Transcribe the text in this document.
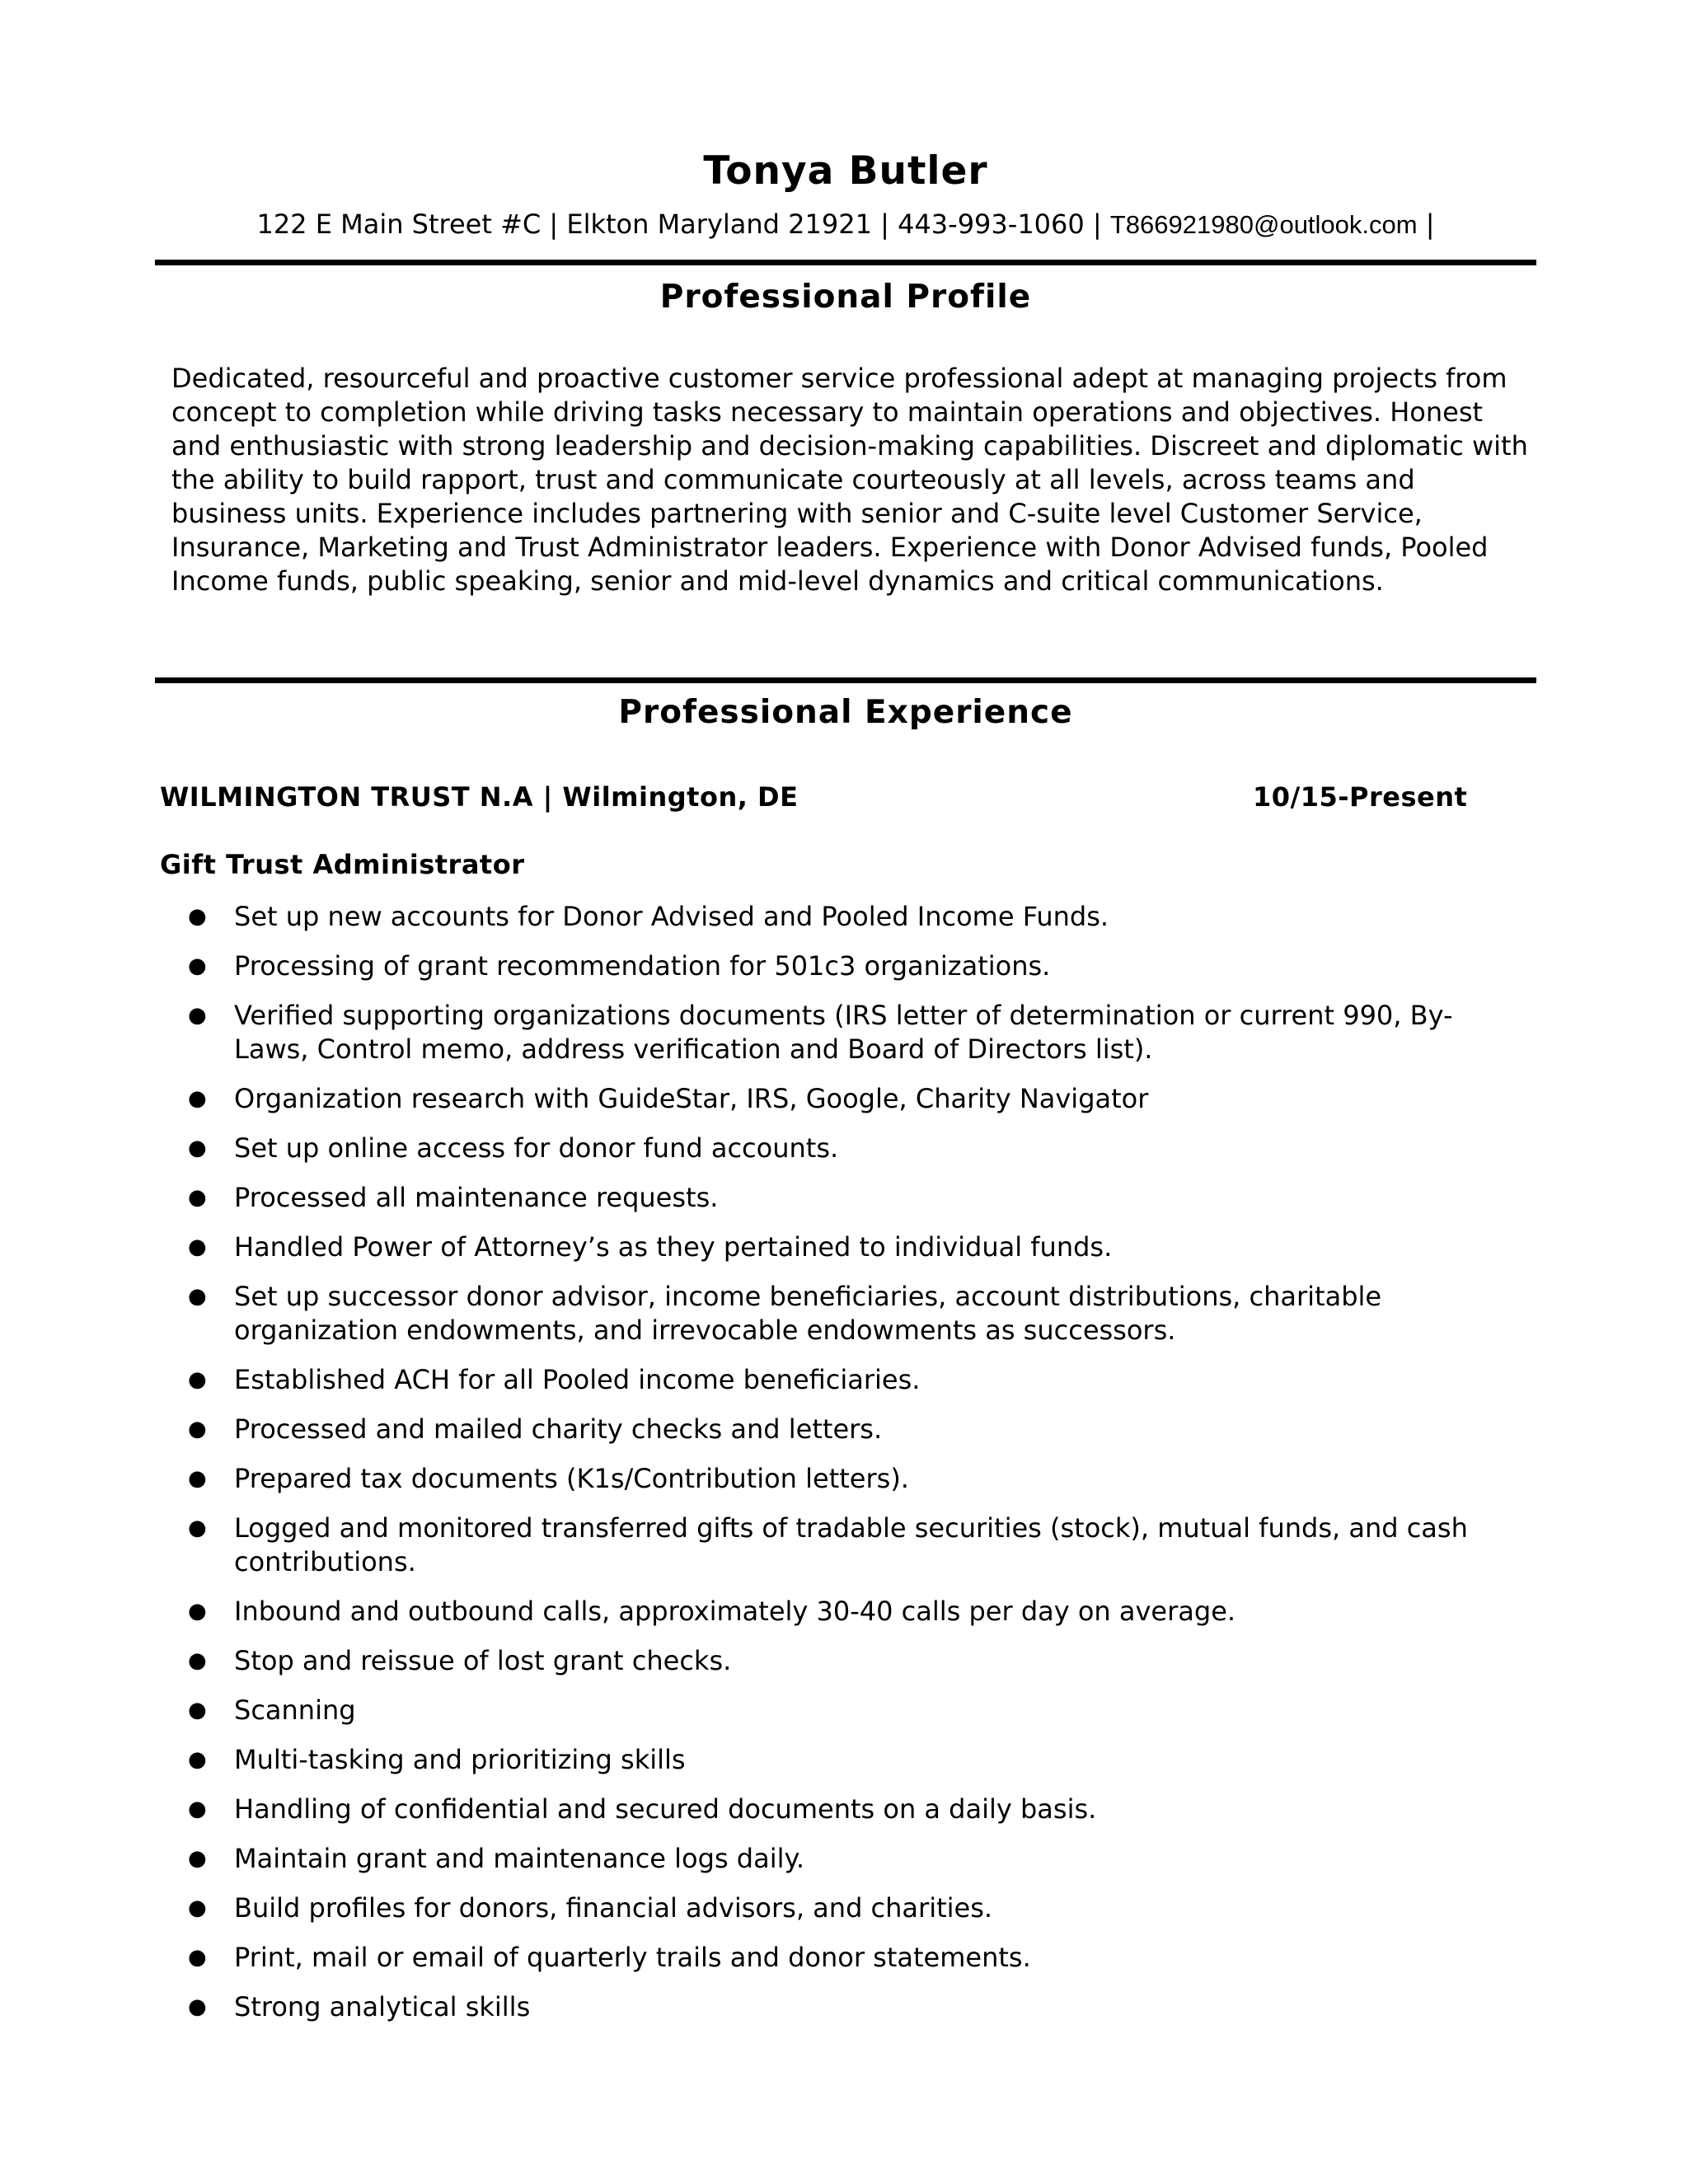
Tonya Butler
122 E Main Street #C | Elkton Maryland 21921 | 443-993-1060 | T866921980@outlook.com |
Professional Profile
Dedicated, resourceful and proactive customer service professional adept at managing projects from concept to completion while driving tasks necessary to maintain operations and objectives. Honest and enthusiastic with strong leadership and decision-making capabilities. Discreet and diplomatic with the ability to build rapport, trust and communicate courteously at all levels, across teams and business units. Experience includes partnering with senior and C-suite level Customer Service, Insurance, Marketing and Trust Administrator leaders. Experience with Donor Advised funds, Pooled Income funds, public speaking, senior and mid-level dynamics and critical communications.
Professional Experience
WILMINGTON TRUST N.A | Wilmington, DE	10/15-Present
Gift Trust Administrator
● Set up new accounts for Donor Advised and Pooled Income Funds.
● Processing of grant recommendation for 501c3 organizations.
● Verified supporting organizations documents (IRS letter of determination or current 990, By-Laws, Control memo, address verification and Board of Directors list).
● Organization research with GuideStar, IRS, Google, Charity Navigator
● Set up online access for donor fund accounts.
● Processed all maintenance requests.
● Handled Power of Attorney’s as they pertained to individual funds.
● Set up successor donor advisor, income beneficiaries, account distributions, charitable organization endowments, and irrevocable endowments as successors.
● Established ACH for all Pooled income beneficiaries.
● Processed and mailed charity checks and letters.
● Prepared tax documents (K1s/Contribution letters).
● Logged and monitored transferred gifts of tradable securities (stock), mutual funds, and cash contributions.
● Inbound and outbound calls, approximately 30-40 calls per day on average.
● Stop and reissue of lost grant checks.
● Scanning
● Multi-tasking and prioritizing skills
● Handling of confidential and secured documents on a daily basis.
● Maintain grant and maintenance logs daily.
● Build profiles for donors, financial advisors, and charities.
● Print, mail or email of quarterly trails and donor statements.
● Strong analytical skills
